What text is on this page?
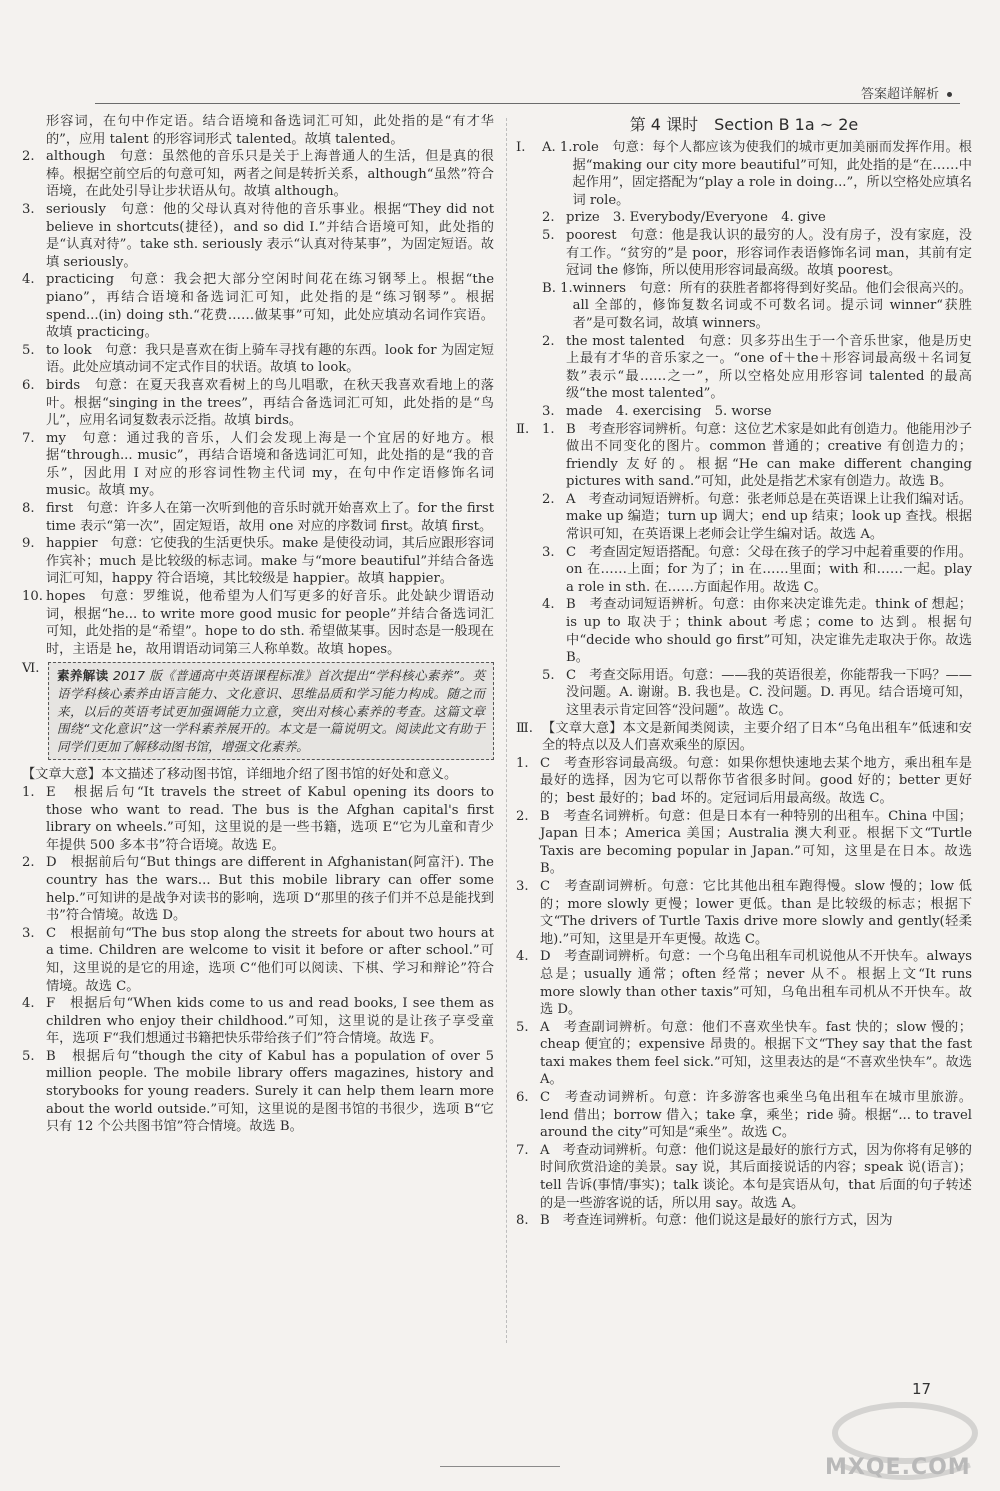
答案超详解析

形容词，在句中作定语。结合语境和备选词汇可知，此处指的是“有才华的”，应用 talent 的形容词形式 talented。故填 talented。

2. although　句意：虽然他的音乐只是关于上海普通人的生活，但是真的很棒。根据空前空后的句意可知，两者之间是转折关系，although“虽然”符合语境，在此处引导让步状语从句。故填 although。
3. seriously　句意：他的父母认真对待他的音乐事业。根据“They did not believe in shortcuts(捷径)，and so did I.”并结合语境可知，此处指的是“认真对待”。take sth. seriously 表示“认真对待某事”，为固定短语。故填 seriously。
4. practicing　句意：我会把大部分空闲时间花在练习钢琴上。根据“the piano”，再结合语境和备选词汇可知，此处指的是“练习钢琴”。根据 spend...(in) doing sth.“花费……做某事”可知，此处应填动名词作宾语。故填 practicing。
5. to look　句意：我只是喜欢在街上骑车寻找有趣的东西。look for 为固定短语。此处应填动词不定式作目的状语。故填 to look。
6. birds　句意：在夏天我喜欢看树上的鸟儿唱歌，在秋天我喜欢看地上的落叶。根据“singing in the trees”，再结合备选词汇可知，此处指的是“鸟儿”，应用名词复数表示泛指。故填 birds。
7. my　句意：通过我的音乐，人们会发现上海是一个宜居的好地方。根据“through... music”，再结合语境和备选词汇可知，此处指的是“我的音乐”，因此用 I 对应的形容词性物主代词 my，在句中作定语修饰名词 music。故填 my。
8. first　句意：许多人在第一次听到他的音乐时就开始喜欢上了。for the first time 表示“第一次”，固定短语，故用 one 对应的序数词 first。故填 first。
9. happier　句意：它使我的生活更快乐。make 是使役动词，其后应跟形容词作宾补；much 是比较级的标志词。make 与“more beautiful”并结合备选词汇可知，happy 符合语境，其比较级是 happier。故填 happier。
10. hopes　句意：罗维说，他希望为人们写更多的好音乐。此处缺少谓语动词，根据“he... to write more good music for people”并结合备选词汇可知，此处指的是“希望”。hope to do sth. 希望做某事。因时态是一般现在时，主语是 he，故用谓语动词第三人称单数。故填 hopes。
Ⅵ.	素养解读 2017 版《普通高中英语课程标准》首次提出“学科核心素养”。英语学科核心素养由语言能力、文化意识、思维品质和学习能力构成。随之而来，以后的英语考试更加强调能力立意，突出对核心素养的考查。这篇文章围绕“文化意识”这一学科素养展开的。本文是一篇说明文。阅读此文有助于同学们更加了解移动图书馆，增强文化素养。

【文章大意】本文描述了移动图书馆，详细地介绍了图书馆的好处和意义。

1. E　根据后句“It travels the street of Kabul opening its doors to those who want to read. The bus is the Afghan capital's first library on wheels.”可知，这里说的是一些书籍，选项 E“它为儿童和青少年提供 500 多本书”符合语境。故选 E。
2. D　根据前后句“But things are different in Afghanistan(阿富汗). The country has the wars... But this mobile library can offer some help.”可知讲的是战争对读书的影响，选项 D“那里的孩子们并不总是能找到书”符合情境。故选 D。
3. C　根据前句“The bus stop along the streets for about two hours at a time. Children are welcome to visit it before or after school.”可知，这里说的是它的用途，选项 C“他们可以阅读、下棋、学习和辩论”符合情境。故选 C。
4. F　根据后句“When kids come to us and read books, I see them as children who enjoy their childhood.”可知，这里说的是让孩子享受童年，选项 F“我们想通过书籍把快乐带给孩子们”符合情境。故选 F。
5. B　根据后句“though the city of Kabul has a population of over 5 million people. The mobile library offers magazines, history and storybooks for young readers. Surely it can help them learn more about the world outside.”可知，这里说的是图书馆的书很少，选项 B“它只有 12 个公共图书馆”符合情境。故选 B。
第 4 课时　Section B 1a ~ 2e
Ⅰ.	A. 1. role　句意：每个人都应该为使我们的城市更加美丽而发挥作用。根据“making our city more beautiful”可知，此处指的是“在……中起作用”，固定搭配为“play a role in doing...”，所以空格处应填名词 role。
2. prize　3. Everybody/Everyone　4. give
5. poorest　句意：他是我认识的最穷的人。没有房子，没有家庭，没有工作。“贫穷的”是 poor，形容词作表语修饰名词 man，其前有定冠词 the 修饰，所以使用形容词最高级。故填 poorest。
B. 1. winners　句意：所有的获胜者都将得到好奖品。他们会很高兴的。all 全部的，修饰复数名词或不可数名词。提示词 winner“获胜者”是可数名词，故填 winners。
2. the most talented　句意：贝多芬出生于一个音乐世家，他是历史上最有才华的音乐家之一。“one of＋the＋形容词最高级＋名词复数”表示“最……之一”，所以空格处应用形容词 talented 的最高级“the most talented”。
3. made　4. exercising　5. worse
Ⅱ. 1. B　考查形容词辨析。句意：这位艺术家是如此有创造力。他能用沙子做出不同变化的图片。common 普通的；creative 有创造力的；friendly 友好的。根据“He can make different changing pictures with sand.”可知，此处是指艺术家有创造力。故选 B。
2. A　考查动词短语辨析。句意：张老师总是在英语课上让我们编对话。make up 编造；turn up 调大；end up 结束；look up 查找。根据常识可知，在英语课上老师会让学生编对话。故选 A。
3. C　考查固定短语搭配。句意：父母在孩子的学习中起着重要的作用。on 在……上面；for 为了；in 在……里面；with 和……一起。play a role in sth. 在……方面起作用。故选 C。
4. B　考查动词短语辨析。句意：由你来决定谁先走。think of 想起；is up to 取决于；think about 考虑；come to 达到。根据句中“decide who should go first”可知，决定谁先走取决于你。故选 B。
5. C　考查交际用语。句意：——我的英语很差，你能帮我一下吗？——没问题。A. 谢谢。B. 我也是。C. 没问题。D. 再见。结合语境可知，这里表示肯定回答“没问题”。故选 C。
Ⅲ. 【文章大意】本文是新闻类阅读，主要介绍了日本“乌龟出租车”低速和安全的特点以及人们喜欢乘坐的原因。
1. C　考查形容词最高级。句意：如果你想快速地去某个地方，乘出租车是最好的选择，因为它可以帮你节省很多时间。good 好的；better 更好的；best 最好的；bad 坏的。定冠词后用最高级。故选 C。
2. B　考查名词辨析。句意：但是日本有一种特别的出租车。China 中国；Japan 日本；America 美国；Australia 澳大利亚。根据下文“Turtle Taxis are becoming popular in Japan.”可知，这里是在日本。故选 B。
3. C　考查副词辨析。句意：它比其他出租车跑得慢。slow 慢的；low 低的；more slowly 更慢；lower 更低。than 是比较级的标志；根据下文“The drivers of Turtle Taxis drive more slowly and gently(轻柔地).”可知，这里是开车更慢。故选 C。
4. D　考查副词辨析。句意：一个乌龟出租车司机说他从不开快车。always 总是；usually 通常；often 经常；never 从不。根据上文“It runs more slowly than other taxis”可知，乌龟出租车司机从不开快车。故选 D。
5. A　考查副词辨析。句意：他们不喜欢坐快车。fast 快的；slow 慢的；cheap 便宜的；expensive 昂贵的。根据下文“They say that the fast taxi makes them feel sick.”可知，这里表达的是“不喜欢坐快车”。故选 A。
6. C　考查动词辨析。句意：许多游客也乘坐乌龟出租车在城市里旅游。lend 借出；borrow 借入；take 拿，乘坐；ride 骑。根据“... to travel around the city”可知是“乘坐”。故选 C。
7. A　考查动词辨析。句意：他们说这是最好的旅行方式，因为你将有足够的时间欣赏沿途的美景。say 说，其后面接说话的内容；speak 说(语言)；tell 告诉(事情/事实)；talk 谈论。本句是宾语从句，that 后面的句子转述的是一些游客说的话，所以用 say。故选 A。
8. B　考查连词辨析。句意：他们说这是最好的旅行方式，因为
17
MXQE.COM
